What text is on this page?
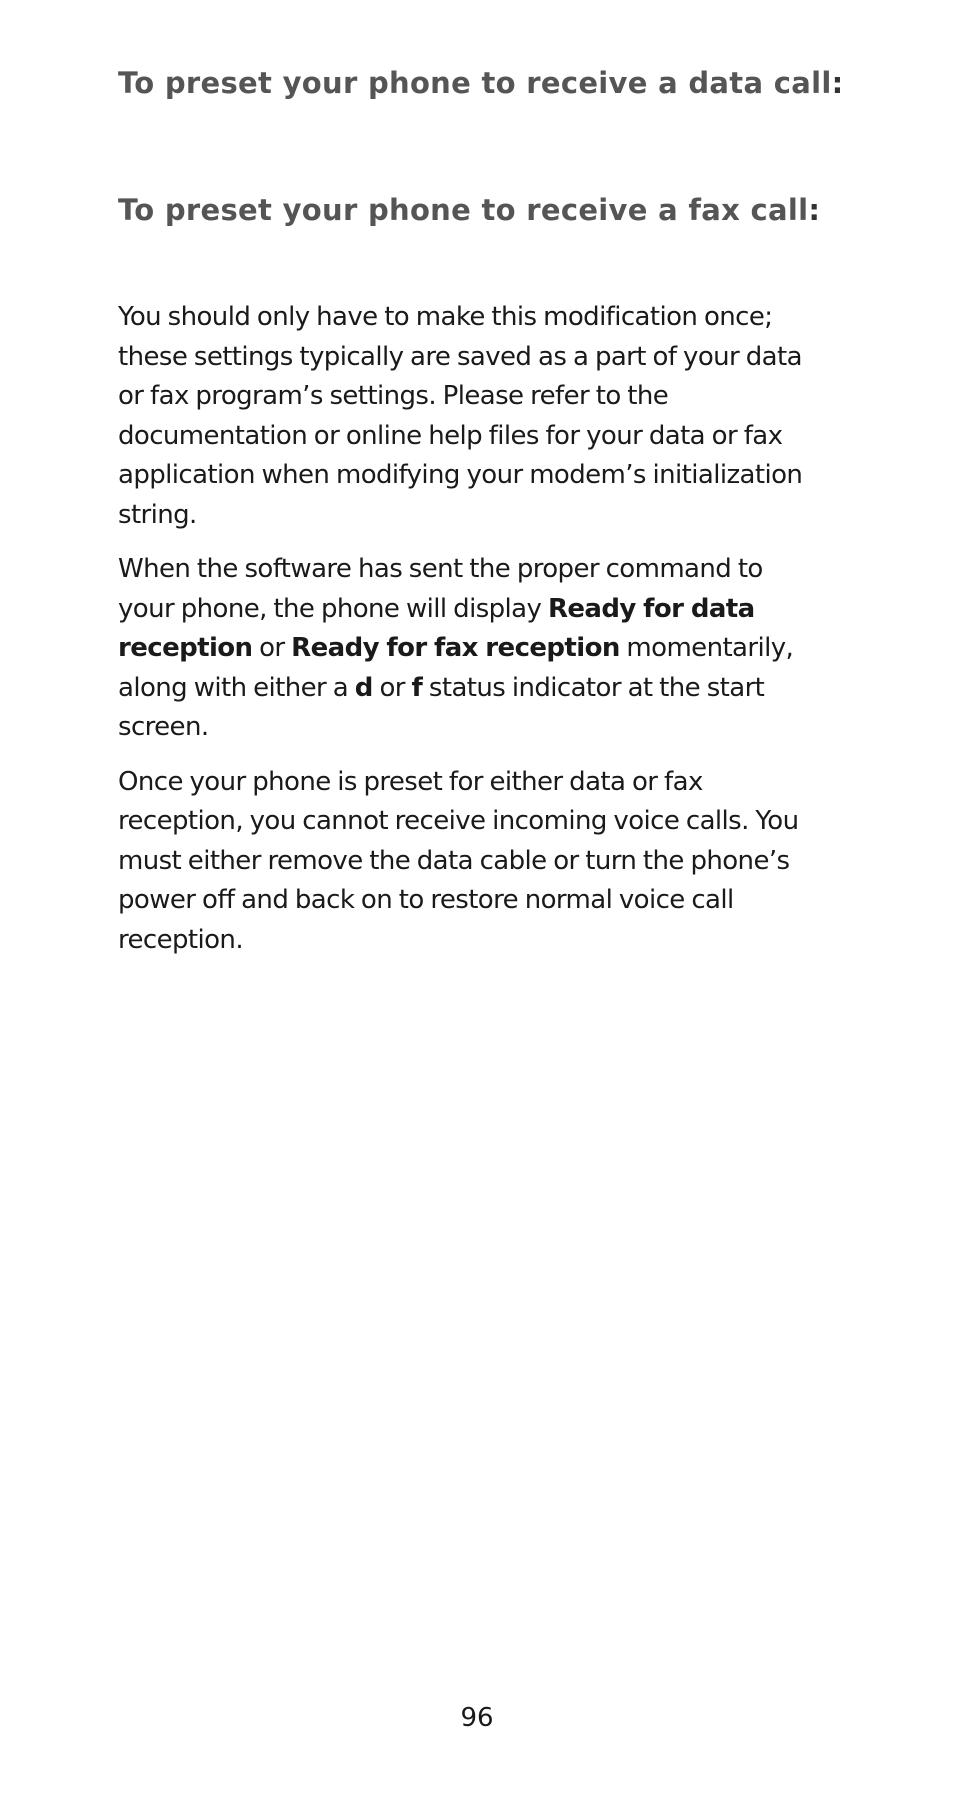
To preset your phone to receive a data call:
To preset your phone to receive a fax call:

You should only have to make this modification once; these settings typically are saved as a part of your data or fax program’s settings. Please refer to the documentation or online help files for your data or fax application when modifying your modem’s initialization string.

When the software has sent the proper command to your phone, the phone will display Ready for data reception or Ready for fax reception momentarily, along with either a d or f status indicator at the start screen.

Once your phone is preset for either data or fax reception, you cannot receive incoming voice calls. You must either remove the data cable or turn the phone’s power off and back on to restore normal voice call reception.

96
